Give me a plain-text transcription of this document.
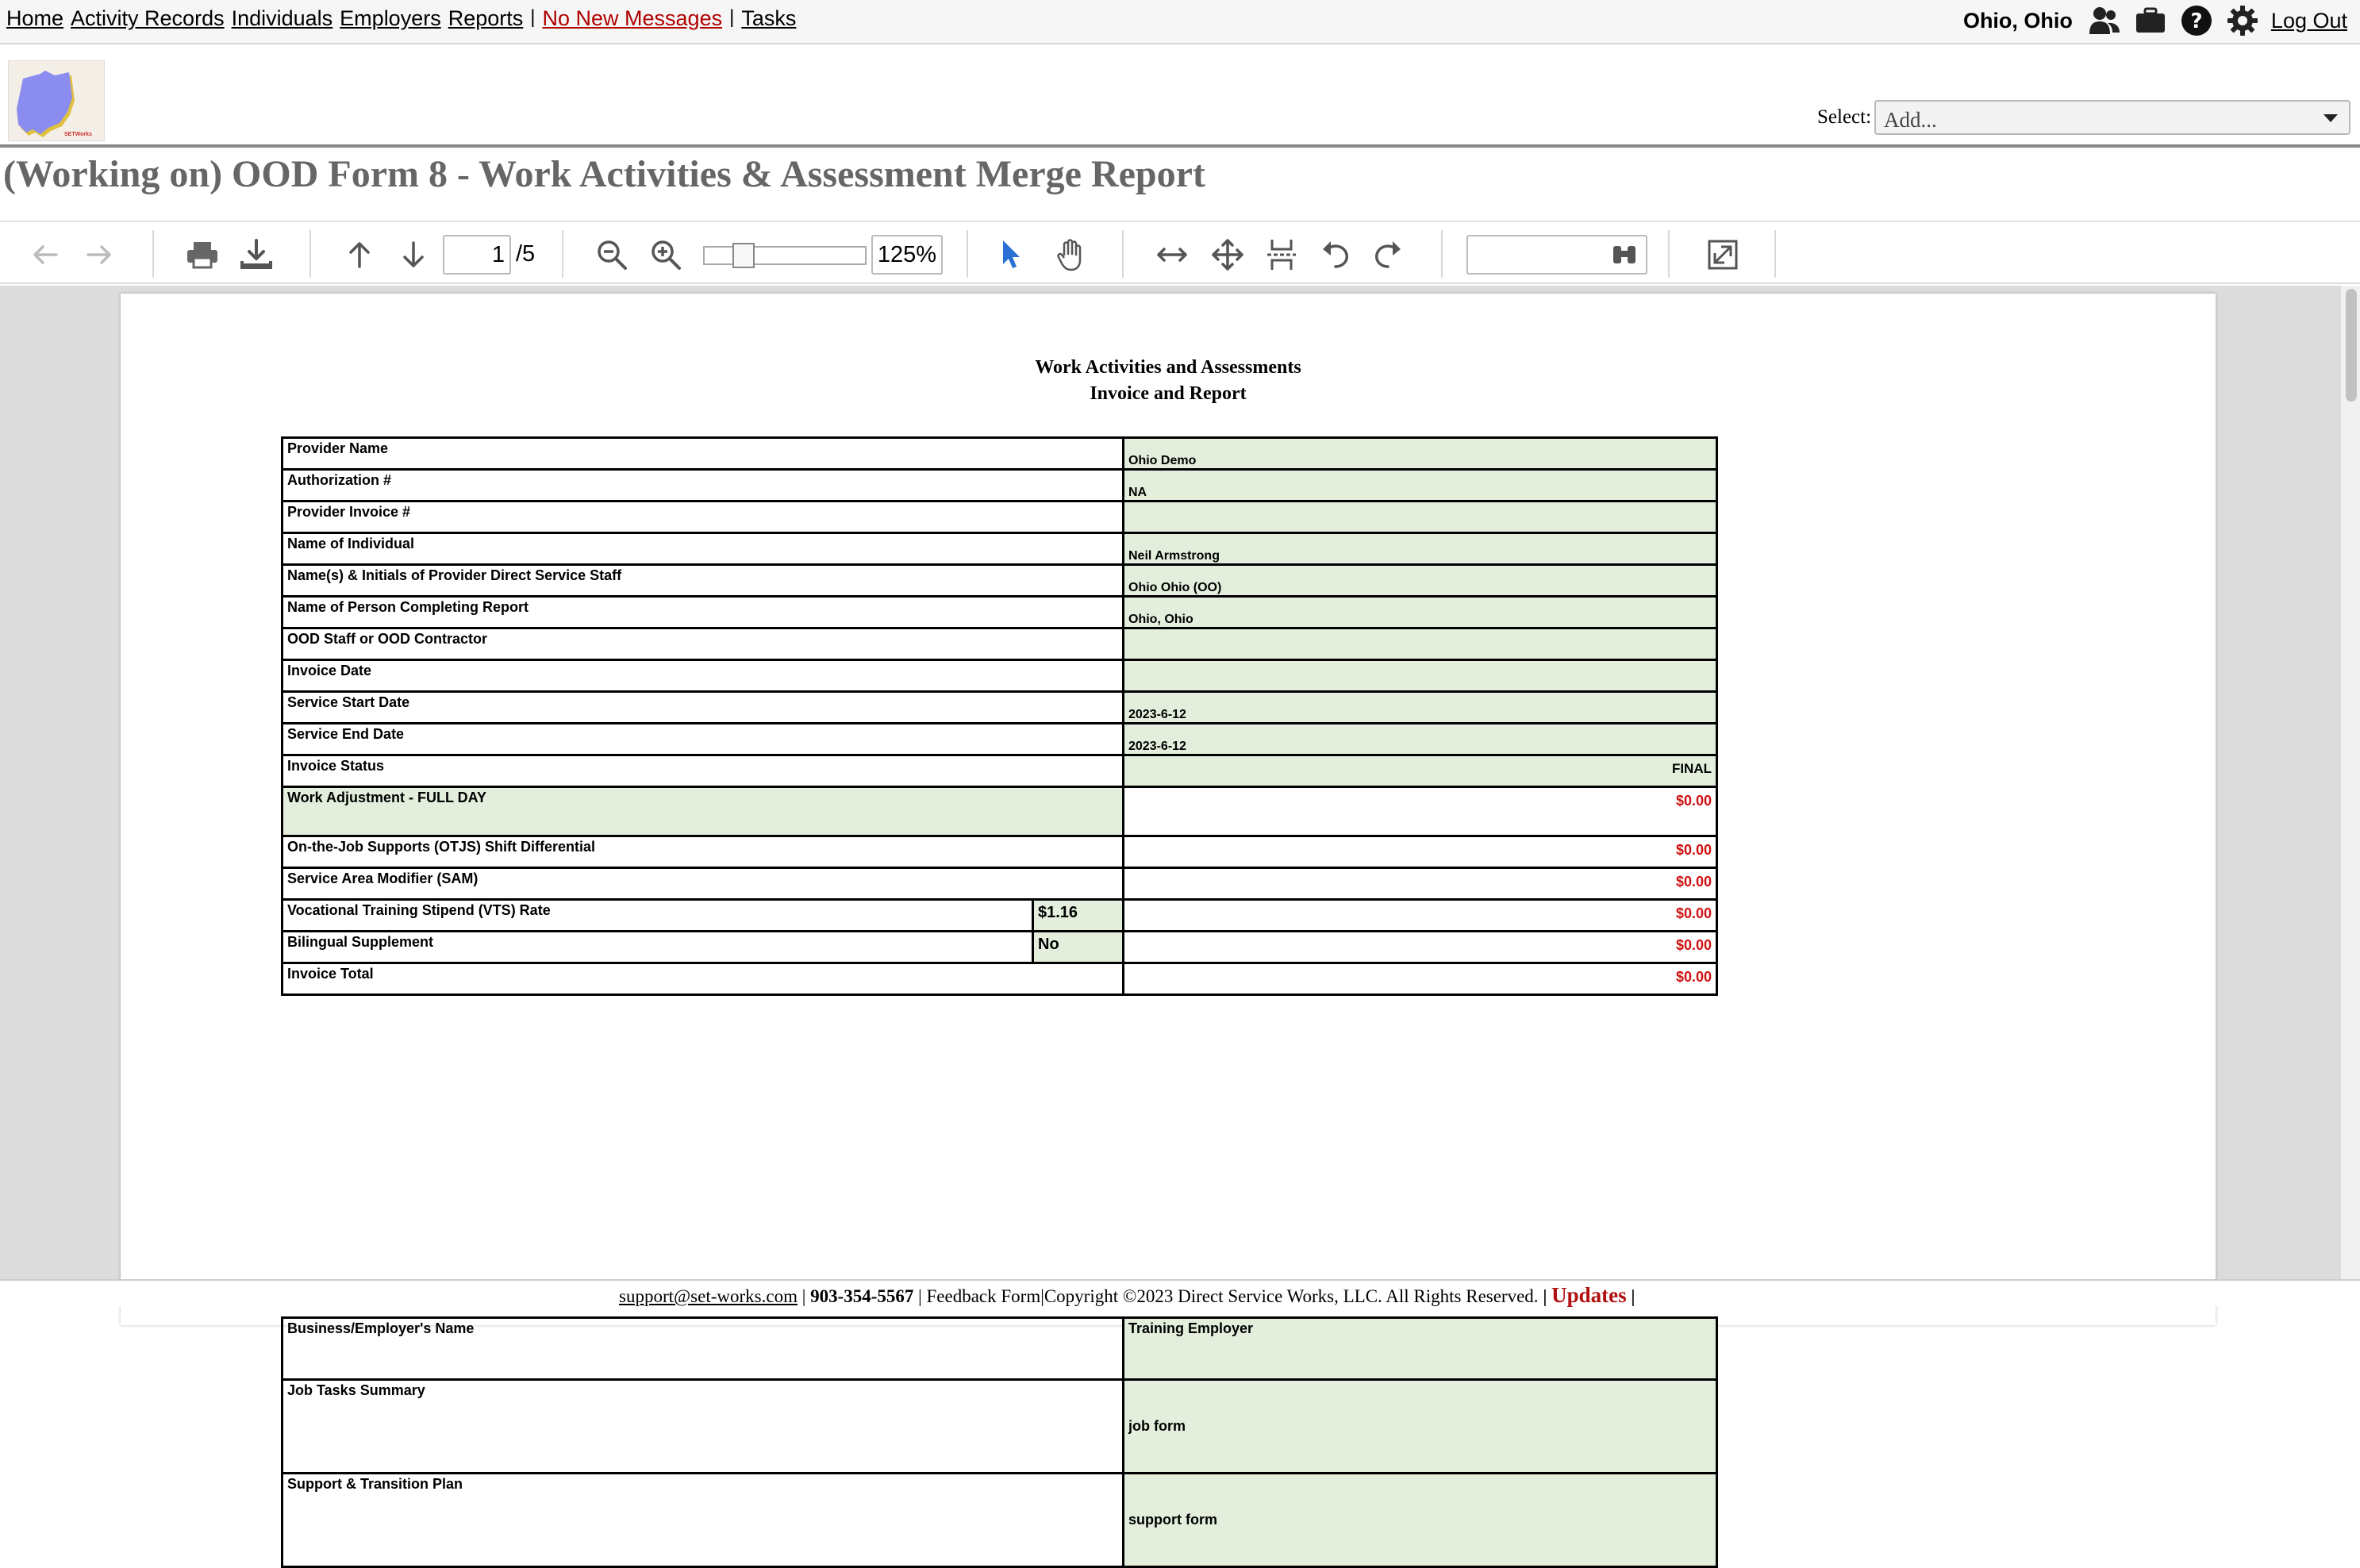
Home Activity Records Individuals Employers Reports | No New Messages | Tasks	Ohio, Ohio	?	Log Out
SETWorks
Select: Add...
(Working on) OOD Form 8 - Work Activities & Assessment Merge Report
1
/5
125%
Work Activities and Assessments
Invoice and Report
Provider Name		Ohio Demo
Authorization #		NA
Provider Invoice #		
Name of Individual		Neil Armstrong
Name(s) & Initials of Provider Direct Service Staff		Ohio Ohio (OO)
Name of Person Completing Report		Ohio, Ohio
OOD Staff or OOD Contractor		
Invoice Date		
Service Start Date		2023-6-12
Service End Date		2023-6-12
Invoice Status		FINAL
Work Adjustment - FULL DAY		$0.00
On-the-Job Supports (OTJS) Shift Differential		$0.00
Service Area Modifier (SAM)		$0.00
Vocational Training Stipend (VTS) Rate	$1.16	$0.00
Bilingual Supplement	No	$0.00
Invoice Total		$0.00
Business/Employer's Name	Training Employer
Job Tasks Summary	job form
Support & Transition Plan	support form
support@set-works.com | 903-354-5567 | Feedback Form|Copyright ©2023 Direct Service Works, LLC. All Rights Reserved. | Updates |
